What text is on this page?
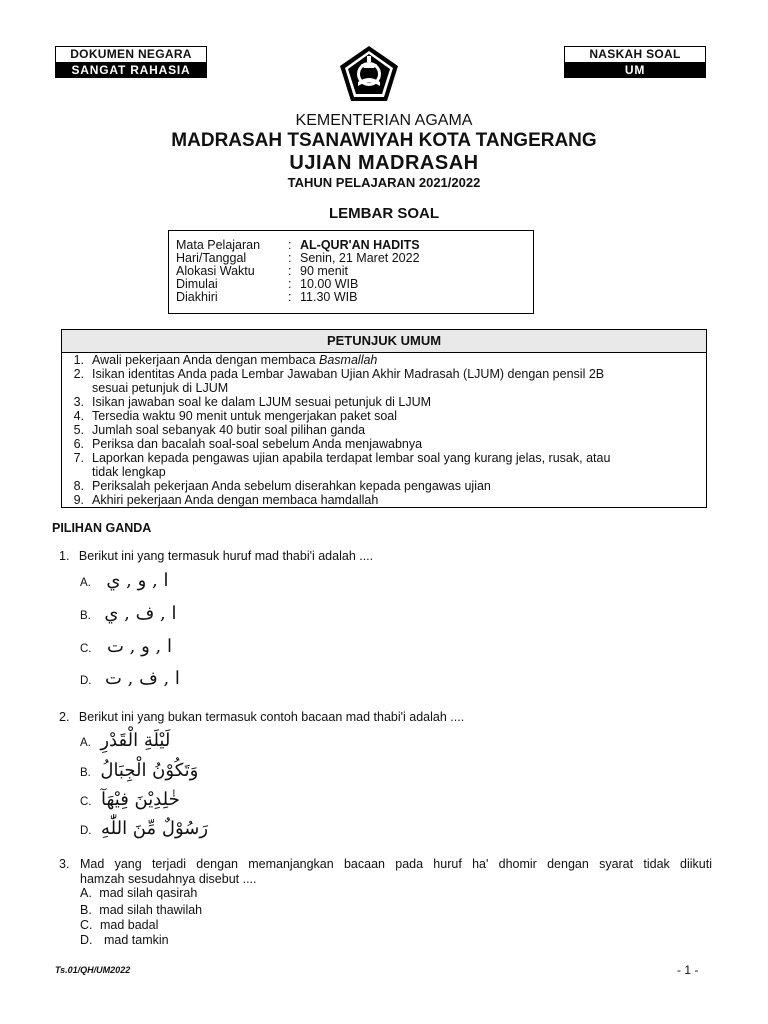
DOKUMEN NEGARA
SANGAT RAHASIA
NASKAH SOAL
UM
KEMENTERIAN AGAMA
MADRASAH TSANAWIYAH KOTA TANGERANG
UJIAN MADRASAH
TAHUN PELAJARAN 2021/2022
LEMBAR SOAL
Mata Pelajaran : AL-QUR'AN HADITS
Hari/Tanggal	: Senin, 21 Maret 2022
Alokasi Waktu	: 90 menit
Dimulai	: 10.00 WIB
Diakhiri	: 11.30 WIB
PETUNJUK UMUM
1. Awali pekerjaan Anda dengan membaca Basmallah
2. Isikan identitas Anda pada Lembar Jawaban Ujian Akhir Madrasah (LJUM) dengan pensil 2B
sesuai petunjuk di LJUM
3. Isikan jawaban soal ke dalam LJUM sesuai petunjuk di LJUM
4. Tersedia waktu 90 menit untuk mengerjakan paket soal
5. Jumlah soal sebanyak 40 butir soal pilihan ganda
6. Periksa dan bacalah soal-soal sebelum Anda menjawabnya
7. Laporkan kepada pengawas ujian apabila terdapat lembar soal yang kurang jelas, rusak, atau
tidak lengkap
8. Periksalah pekerjaan Anda sebelum diserahkan kepada pengawas ujian
9. Akhiri pekerjaan Anda dengan membaca hamdallah
PILIHAN GANDA
1. Berikut ini yang termasuk huruf mad thabi'i adalah ....
A. ا , و , ي
B. ا , ف , ي
C. ا , و , ت
D. ا , ف , ت
2. Berikut ini yang bukan termasuk contoh bacaan mad thabi'i adalah ....
A. لَيْلَةِ الْقَدْرِ
B. وَتَكُوْنُ الْجِبَالُ
C. خٰلِدِيْنَ فِيْهَآ
D. رَسُوْلٌ مِّنَ اللّٰهِ
3. Mad yang terjadi dengan memanjangkan bacaan pada huruf ha' dhomir dengan syarat tidak diikuti
hamzah sesudahnya disebut ....
A. mad silah qasirah
B. mad silah thawilah
C. mad badal
D. mad tamkin
Ts.01/QH/UM2022	- 1 -
